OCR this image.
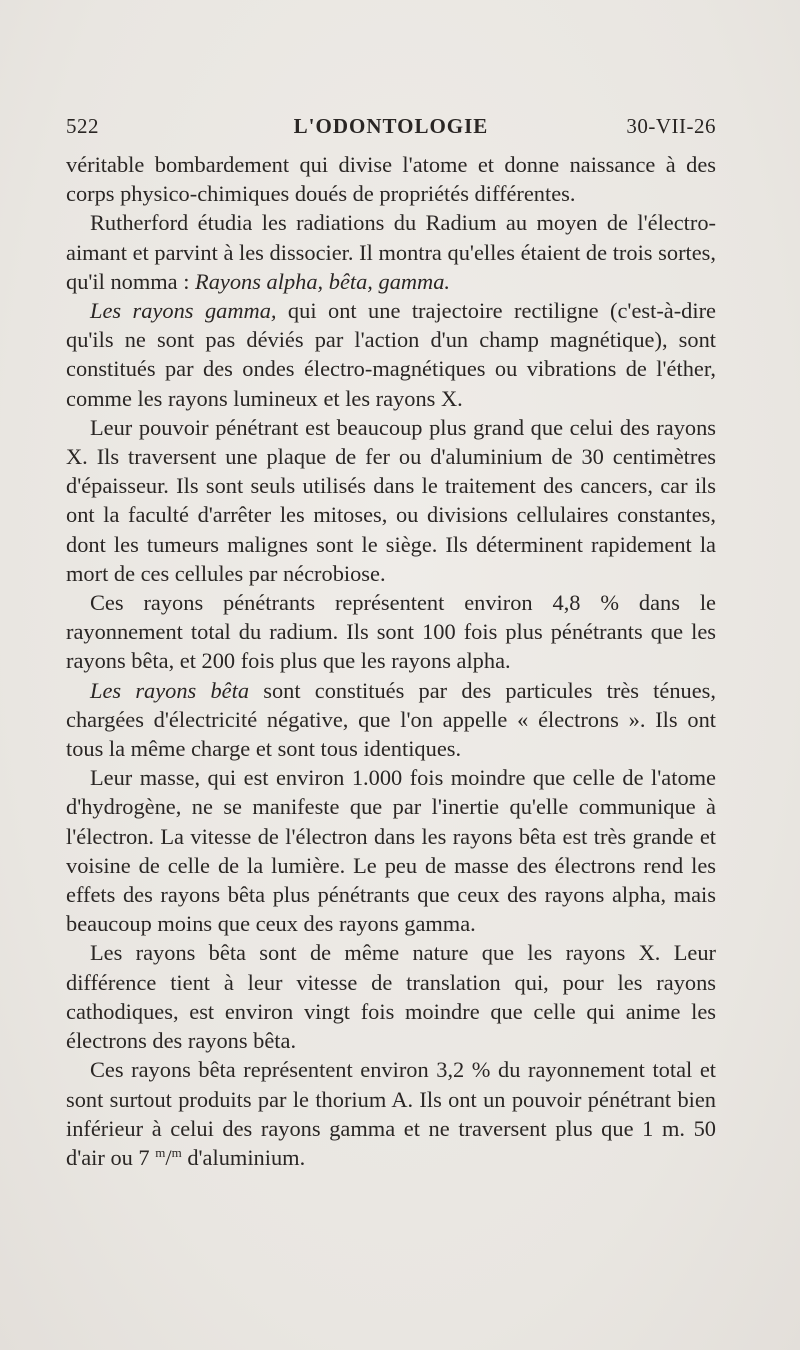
522	L'ODONTOLOGIE	30-VII-26

véritable bombardement qui divise l'atome et donne naissance à des corps physico-chimiques doués de propriétés différentes.

Rutherford étudia les radiations du Radium au moyen de l'électro-aimant et parvint à les dissocier. Il montra qu'elles étaient de trois sortes, qu'il nomma : Rayons alpha, bêta, gamma.

Les rayons gamma, qui ont une trajectoire rectiligne (c'est-à-dire qu'ils ne sont pas déviés par l'action d'un champ magnétique), sont constitués par des ondes électro-magnétiques ou vibrations de l'éther, comme les rayons lumineux et les rayons X.

Leur pouvoir pénétrant est beaucoup plus grand que celui des rayons X. Ils traversent une plaque de fer ou d'aluminium de 30 centimètres d'épaisseur. Ils sont seuls utilisés dans le traitement des cancers, car ils ont la faculté d'arrêter les mitoses, ou divisions cellulaires constantes, dont les tumeurs malignes sont le siège. Ils déterminent rapidement la mort de ces cellules par nécrobiose.

Ces rayons pénétrants représentent environ 4,8 % dans le rayonnement total du radium. Ils sont 100 fois plus pénétrants que les rayons bêta, et 200 fois plus que les rayons alpha.

Les rayons bêta sont constitués par des particules très ténues, chargées d'électricité négative, que l'on appelle « électrons ». Ils ont tous la même charge et sont tous identiques.

Leur masse, qui est environ 1.000 fois moindre que celle de l'atome d'hydrogène, ne se manifeste que par l'inertie qu'elle communique à l'électron. La vitesse de l'électron dans les rayons bêta est très grande et voisine de celle de la lumière. Le peu de masse des électrons rend les effets des rayons bêta plus pénétrants que ceux des rayons alpha, mais beaucoup moins que ceux des rayons gamma.

Les rayons bêta sont de même nature que les rayons X. Leur différence tient à leur vitesse de translation qui, pour les rayons cathodiques, est environ vingt fois moindre que celle qui anime les électrons des rayons bêta.

Ces rayons bêta représentent environ 3,2 % du rayonnement total et sont surtout produits par le thorium A. Ils ont un pouvoir pénétrant bien inférieur à celui des rayons gamma et ne traversent plus que 1 m. 50 d'air ou 7 $^m$/$^m$ d'aluminium.
